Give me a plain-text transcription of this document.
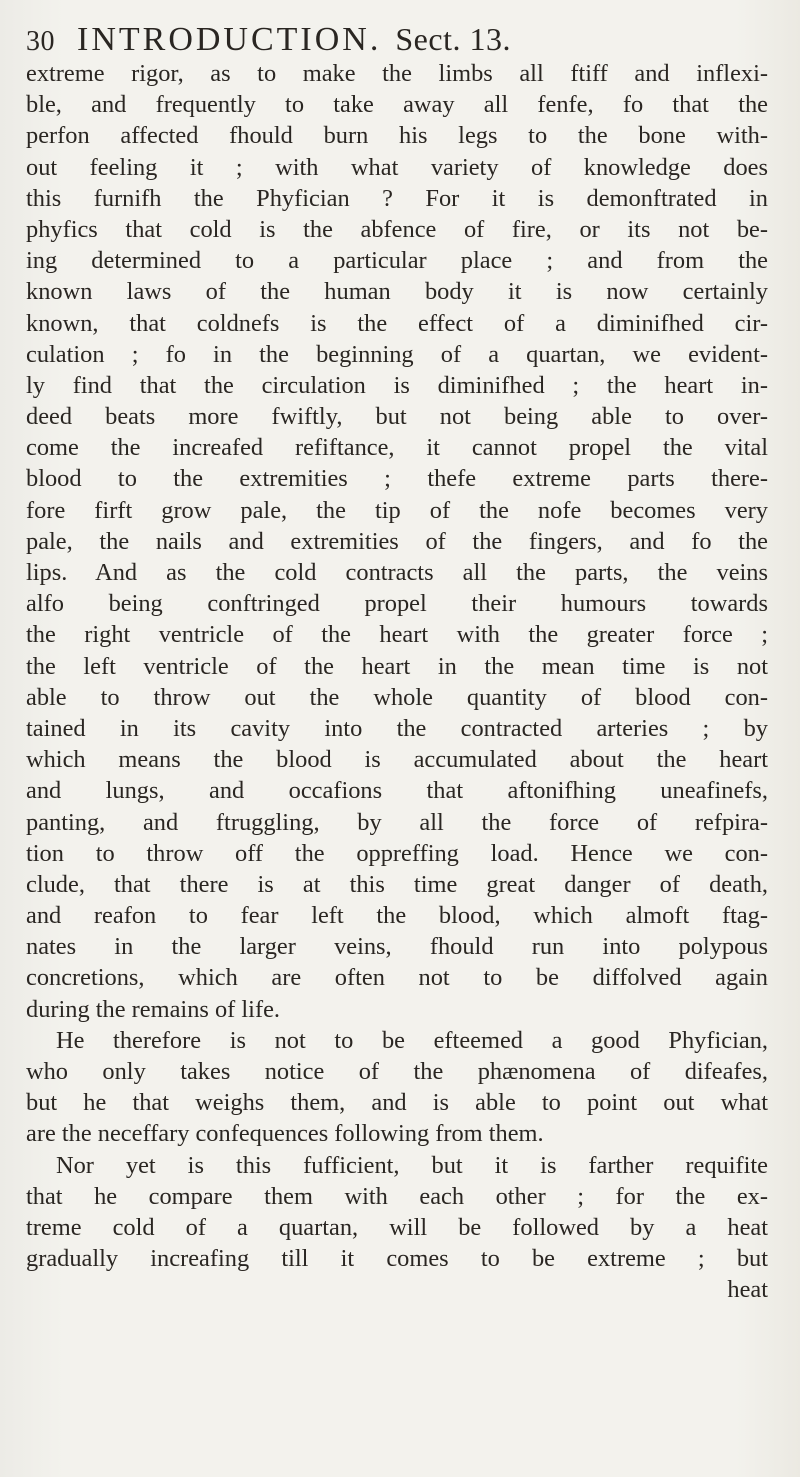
30 INTRODUCTION. Sect. 13.
extreme rigor, as to make the limbs all ftiff and inflexi-
ble, and frequently to take away all fenfe, fo that the
perfon affected fhould burn his legs to the bone with-
out feeling it ; with what variety of knowledge does
this furnifh the Phyfician ? For it is demonftrated in
phyfics that cold is the abfence of fire, or its not be-
ing determined to a particular place ; and from the
known laws of the human body it is now certainly
known, that coldnefs is the effect of a diminifhed cir-
culation ; fo in the beginning of a quartan, we evident-
ly find that the circulation is diminifhed ; the heart in-
deed beats more fwiftly, but not being able to over-
come the increafed refiftance, it cannot propel the vital
blood to the extremities ; thefe extreme parts there-
fore firft grow pale, the tip of the nofe becomes very
pale, the nails and extremities of the fingers, and fo the
lips. And as the cold contracts all the parts, the veins
alfo being conftringed propel their humours towards
the right ventricle of the heart with the greater force ;
the left ventricle of the heart in the mean time is not
able to throw out the whole quantity of blood con-
tained in its cavity into the contracted arteries ; by
which means the blood is accumulated about the heart
and lungs, and occafions that aftonifhing uneafinefs,
panting, and ftruggling, by all the force of refpira-
tion to throw off the oppreffing load. Hence we con-
clude, that there is at this time great danger of death,
and reafon to fear left the blood, which almoft ftag-
nates in the larger veins, fhould run into polypous
concretions, which are often not to be diffolved again
during the remains of life.
He therefore is not to be efteemed a good Phyfician,
who only takes notice of the phænomena of difeafes,
but he that weighs them, and is able to point out what
are the neceffary confequences following from them.
Nor yet is this fufficient, but it is farther requifite
that he compare them with each other ; for the ex-
treme cold of a quartan, will be followed by a heat
gradually increafing till it comes to be extreme ; but
heat
